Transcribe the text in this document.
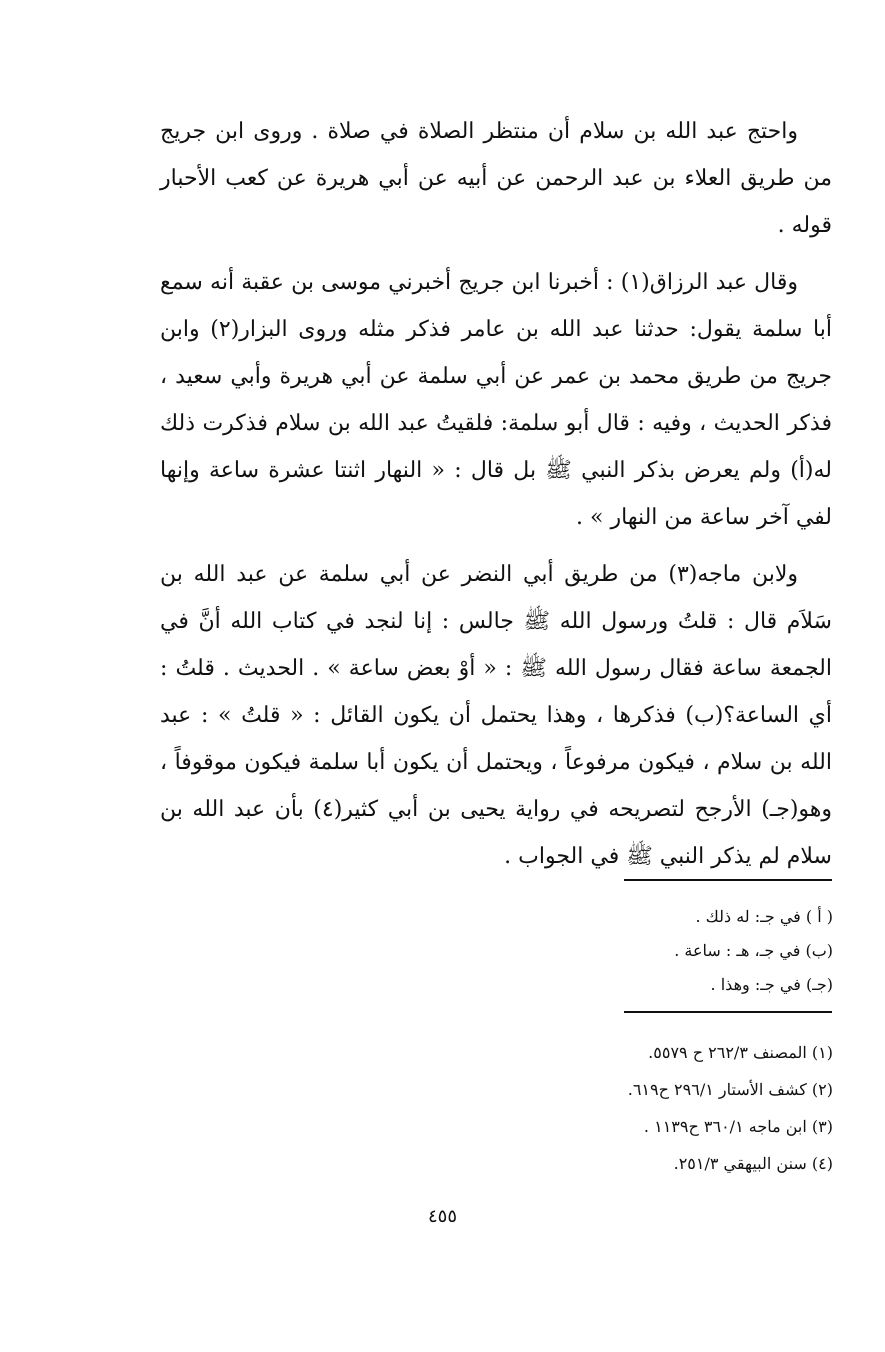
واحتج عبد الله بن سلام أن منتظر الصلاة في صلاة . وروى ابن جريج من طريق العلاء بن عبد الرحمن عن أبيه عن أبي هريرة عن كعب الأحبار قوله .

وقال عبد الرزاق(١) : أخبرنا ابن جريج أخبرني موسى بن عقبة أنه سمع أبا سلمة يقول: حدثنا عبد الله بن عامر فذكر مثله وروى البزار(٢) وابن جريج من طريق محمد بن عمر عن أبي سلمة عن أبي هريرة وأبي سعيد ، فذكر الحديث ، وفيه : قال أبو سلمة: فلقيتُ عبد الله بن سلام فذكرت ذلك له(أ) ولم يعرض بذكر النبي ﷺ بل قال : « النهار اثنتا عشرة ساعة وإنها لفي آخر ساعة من النهار » .

ولابن ماجه(٣) من طريق أبي النضر عن أبي سلمة عن عبد الله بن سَلاَم قال : قلتُ ورسول الله ﷺ جالس : إنا لنجد في كتاب الله أنَّ في الجمعة ساعة فقال رسول الله ﷺ : « أوْ بعض ساعة » . الحديث . قلتُ : أي الساعة؟(ب) فذكرها ، وهذا يحتمل أن يكون القائل : « قلتُ » : عبد الله بن سلام ، فيكون مرفوعاً ، ويحتمل أن يكون أبا سلمة فيكون موقوفاً ، وهو(جـ) الأرجح لتصريحه في رواية يحيى بن أبي كثير(٤) بأن عبد الله بن سلام لم يذكر النبي ﷺ في الجواب .

( أ ) في جـ: له ذلك .

(ب) في جـ، هـ : ساعة .

(جـ) في جـ: وهذا .

(١) المصنف ٢٦٢/٣ ح ٥٥٧٩.

(٢) كشف الأستار ٢٩٦/١ ح٦١٩.

(٣) ابن ماجه ٣٦٠/١ ح١١٣٩ .

(٤) سنن البيهقي ٢٥١/٣.

٤٥٥
